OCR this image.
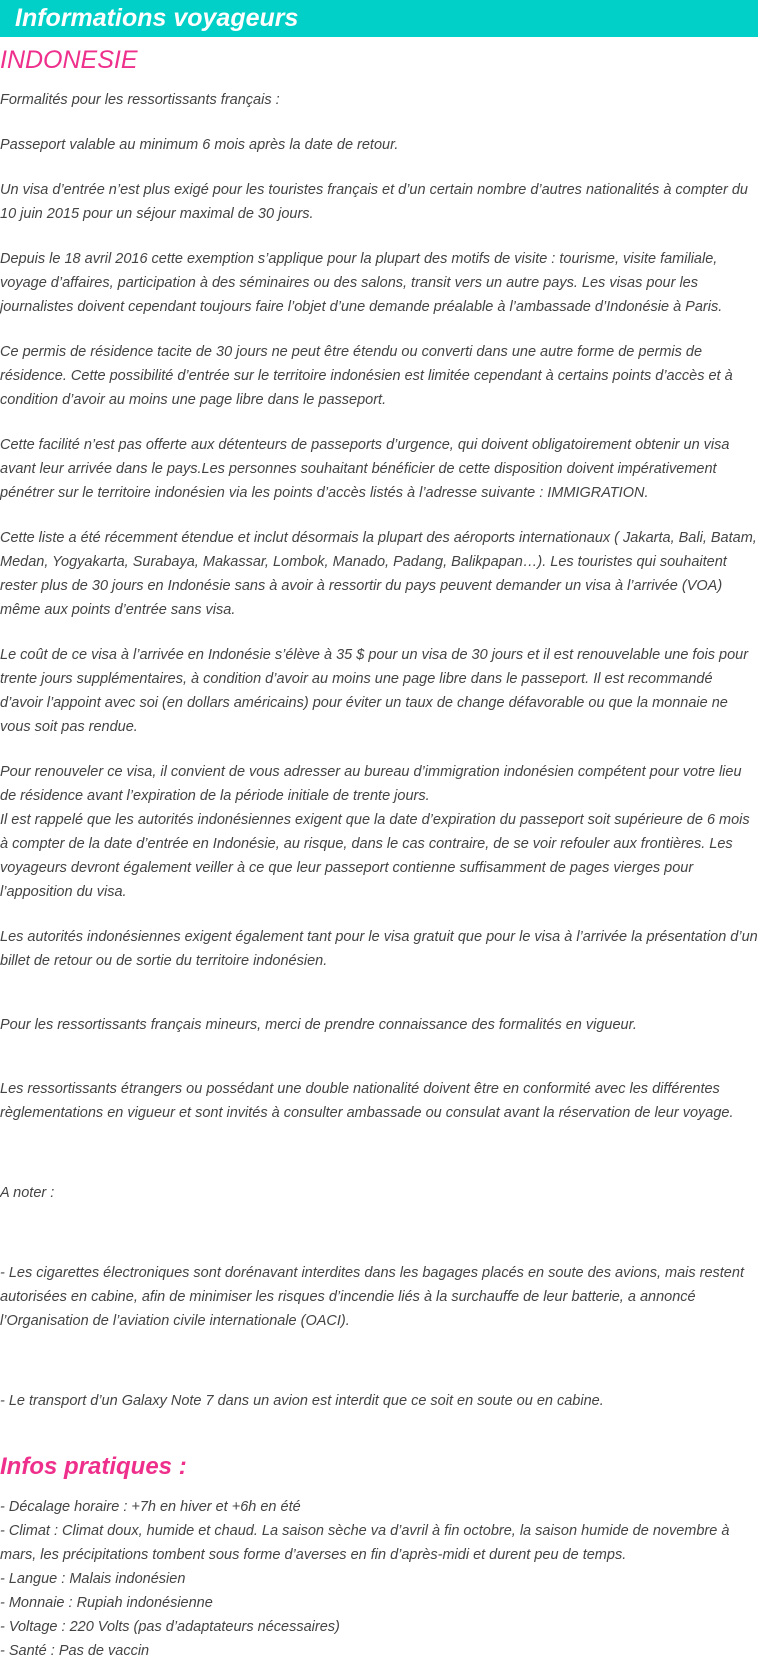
Informations voyageurs
INDONESIE

Formalités pour les ressortissants français :

Passeport valable au minimum 6 mois après la date de retour.

Un visa d’entrée n’est plus exigé pour les touristes français et d’un certain nombre d’autres nationalités à compter du 10 juin 2015 pour un séjour maximal de 30 jours.

Depuis le 18 avril 2016 cette exemption s’applique pour la plupart des motifs de visite : tourisme, visite familiale, voyage d’affaires, participation à des séminaires ou des salons, transit vers un autre pays. Les visas pour les journalistes doivent cependant toujours faire l’objet d’une demande préalable à l’ambassade d’Indonésie à Paris.

Ce permis de résidence tacite de 30 jours ne peut être étendu ou converti dans une autre forme de permis de résidence. Cette possibilité d’entrée sur le territoire indonésien est limitée cependant à certains points d’accès et à condition d’avoir au moins une page libre dans le passeport.

Cette facilité n’est pas offerte aux détenteurs de passeports d’urgence, qui doivent obligatoirement obtenir un visa avant leur arrivée dans le pays.Les personnes souhaitant bénéficier de cette disposition doivent impérativement pénétrer sur le territoire indonésien via les points d’accès listés à l’adresse suivante : IMMIGRATION.

Cette liste a été récemment étendue et inclut désormais la plupart des aéroports internationaux ( Jakarta, Bali, Batam, Medan, Yogyakarta, Surabaya, Makassar, Lombok, Manado, Padang, Balikpapan…). Les touristes qui souhaitent rester plus de 30 jours en Indonésie sans à avoir à ressortir du pays peuvent demander un visa à l’arrivée (VOA) même aux points d’entrée sans visa.

Le coût de ce visa à l’arrivée en Indonésie s’élève à 35 $ pour un visa de 30 jours et il est renouvelable une fois pour trente jours supplémentaires, à condition d’avoir au moins une page libre dans le passeport. Il est recommandé d’avoir l’appoint avec soi (en dollars américains) pour éviter un taux de change défavorable ou que la monnaie ne vous soit pas rendue.

Pour renouveler ce visa, il convient de vous adresser au bureau d’immigration indonésien compétent pour votre lieu de résidence avant l’expiration de la période initiale de trente jours.

Il est rappelé que les autorités indonésiennes exigent que la date d’expiration du passeport soit supérieure de 6 mois à compter de la date d’entrée en Indonésie, au risque, dans le cas contraire, de se voir refouler aux frontières. Les voyageurs devront également veiller à ce que leur passeport contienne suffisamment de pages vierges pour l’apposition du visa.

Les autorités indonésiennes exigent également tant pour le visa gratuit que pour le visa à l’arrivée la présentation d’un billet de retour ou de sortie du territoire indonésien.

Pour les ressortissants français mineurs, merci de prendre connaissance des formalités en vigueur.

Les ressortissants étrangers ou possédant une double nationalité doivent être en conformité avec les différentes règlementations en vigueur et sont invités à consulter ambassade ou consulat avant la réservation de leur voyage.

A noter :

- Les cigarettes électroniques sont dorénavant interdites dans les bagages placés en soute des avions, mais restent autorisées en cabine, afin de minimiser les risques d’incendie liés à la surchauffe de leur batterie, a annoncé l’Organisation de l’aviation civile internationale (OACI).

- Le transport d’un Galaxy Note 7 dans un avion est interdit que ce soit en soute ou en cabine.

Infos pratiques :

- Décalage horaire : +7h en hiver et +6h en été

- Climat : Climat doux, humide et chaud. La saison sèche va d’avril à fin octobre, la saison humide de novembre à mars, les précipitations tombent sous forme d’averses en fin d’après-midi et durent peu de temps.

- Langue : Malais indonésien

- Monnaie : Rupiah indonésienne

- Voltage : 220 Volts (pas d’adaptateurs nécessaires)

- Santé : Pas de vaccin
